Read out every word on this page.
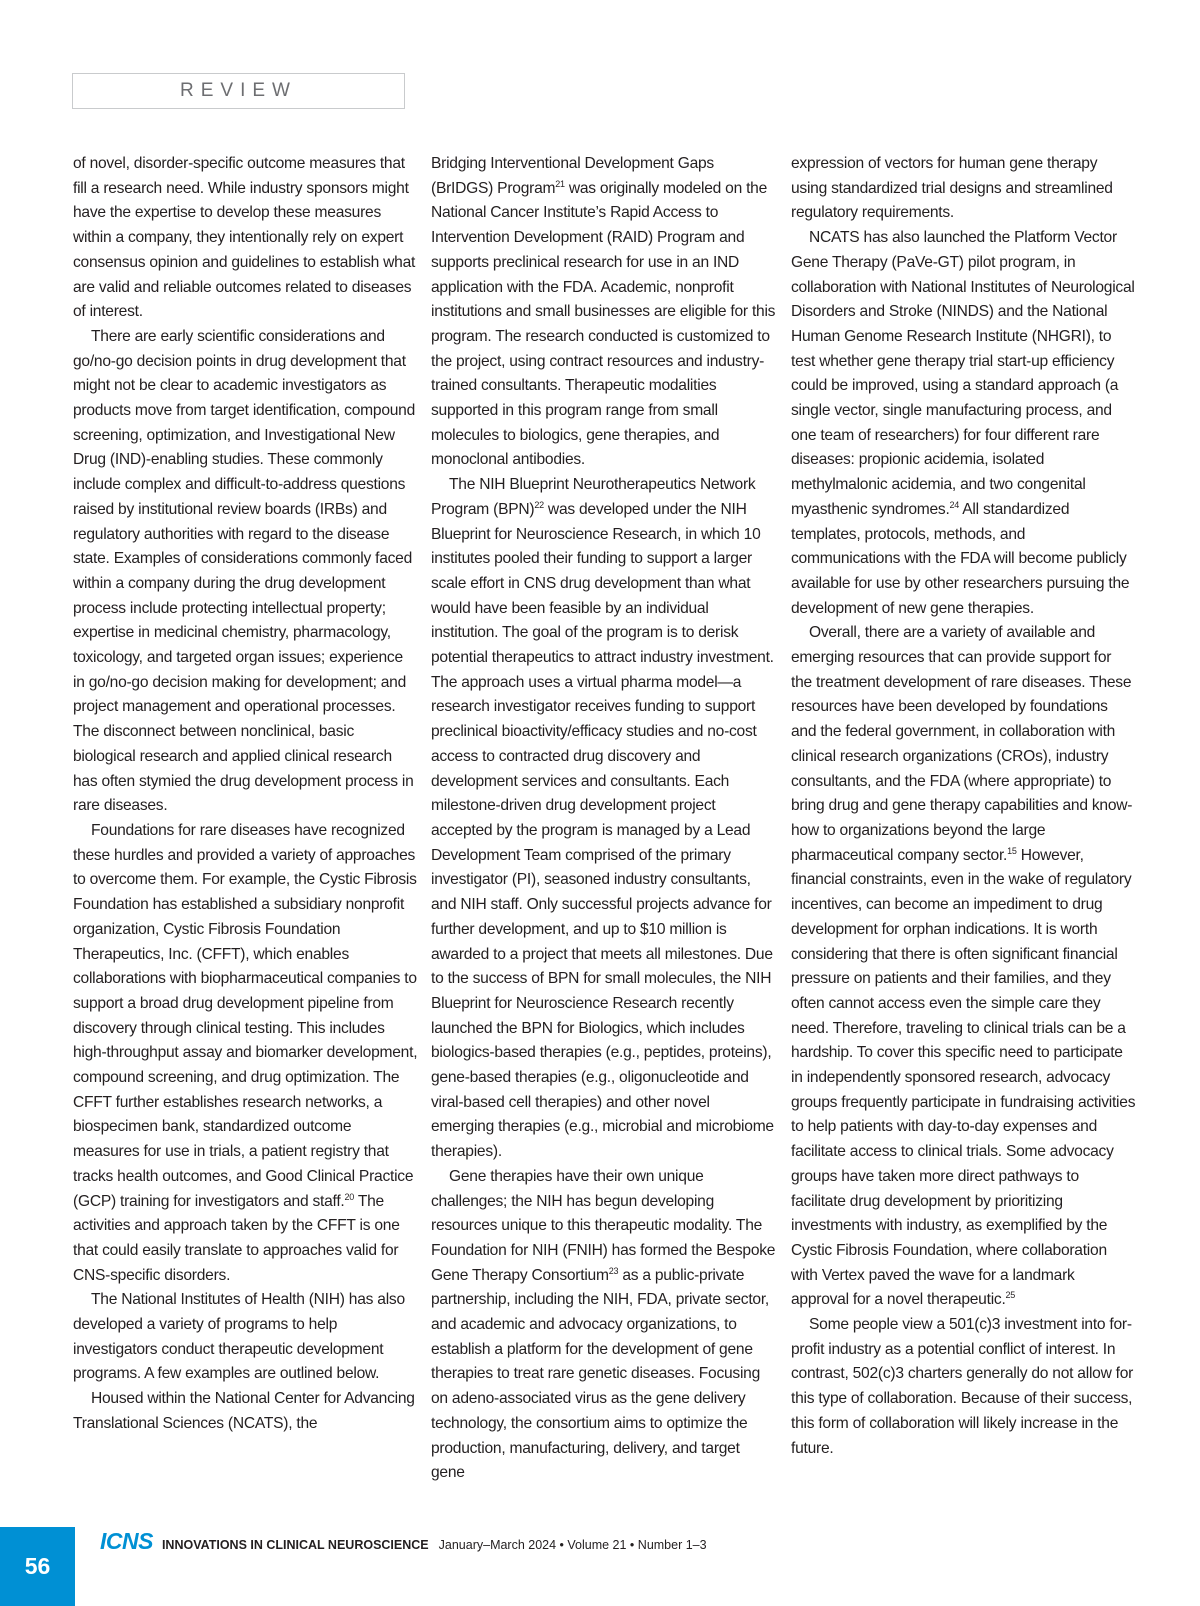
REVIEW

of novel, disorder-specific outcome measures that fill a research need. While industry sponsors might have the expertise to develop these measures within a company, they intentionally rely on expert consensus opinion and guidelines to establish what are valid and reliable outcomes related to diseases of interest.

There are early scientific considerations and go/no-go decision points in drug development that might not be clear to academic investigators as products move from target identification, compound screening, optimization, and Investigational New Drug (IND)-enabling studies. These commonly include complex and difficult-to-address questions raised by institutional review boards (IRBs) and regulatory authorities with regard to the disease state. Examples of considerations commonly faced within a company during the drug development process include protecting intellectual property; expertise in medicinal chemistry, pharmacology, toxicology, and targeted organ issues; experience in go/no-go decision making for development; and project management and operational processes. The disconnect between nonclinical, basic biological research and applied clinical research has often stymied the drug development process in rare diseases.

Foundations for rare diseases have recognized these hurdles and provided a variety of approaches to overcome them. For example, the Cystic Fibrosis Foundation has established a subsidiary nonprofit organization, Cystic Fibrosis Foundation Therapeutics, Inc. (CFFT), which enables collaborations with biopharmaceutical companies to support a broad drug development pipeline from discovery through clinical testing. This includes high-throughput assay and biomarker development, compound screening, and drug optimization. The CFFT further establishes research networks, a biospecimen bank, standardized outcome measures for use in trials, a patient registry that tracks health outcomes, and Good Clinical Practice (GCP) training for investigators and staff.$^{20}$ The activities and approach taken by the CFFT is one that could easily translate to approaches valid for CNS-specific disorders.

The National Institutes of Health (NIH) has also developed a variety of programs to help investigators conduct therapeutic development programs. A few examples are outlined below.

Housed within the National Center for Advancing Translational Sciences (NCATS), the

Bridging Interventional Development Gaps (BrIDGS) Program$^{21}$ was originally modeled on the National Cancer Institute’s Rapid Access to Intervention Development (RAID) Program and supports preclinical research for use in an IND application with the FDA. Academic, nonprofit institutions and small businesses are eligible for this program. The research conducted is customized to the project, using contract resources and industry-trained consultants. Therapeutic modalities supported in this program range from small molecules to biologics, gene therapies, and monoclonal antibodies.

The NIH Blueprint Neurotherapeutics Network Program (BPN)$^{22}$ was developed under the NIH Blueprint for Neuroscience Research, in which 10 institutes pooled their funding to support a larger scale effort in CNS drug development than what would have been feasible by an individual institution. The goal of the program is to derisk potential therapeutics to attract industry investment. The approach uses a virtual pharma model—a research investigator receives funding to support preclinical bioactivity/efficacy studies and no-cost access to contracted drug discovery and development services and consultants. Each milestone-driven drug development project accepted by the program is managed by a Lead Development Team comprised of the primary investigator (PI), seasoned industry consultants, and NIH staff. Only successful projects advance for further development, and up to $10 million is awarded to a project that meets all milestones. Due to the success of BPN for small molecules, the NIH Blueprint for Neuroscience Research recently launched the BPN for Biologics, which includes biologics-based therapies (e.g., peptides, proteins), gene-based therapies (e.g., oligonucleotide and viral-based cell therapies) and other novel emerging therapies (e.g., microbial and microbiome therapies).

Gene therapies have their own unique challenges; the NIH has begun developing resources unique to this therapeutic modality. The Foundation for NIH (FNIH) has formed the Bespoke Gene Therapy Consortium$^{23}$ as a public-private partnership, including the NIH, FDA, private sector, and academic and advocacy organizations, to establish a platform for the development of gene therapies to treat rare genetic diseases. Focusing on adeno-associated virus as the gene delivery technology, the consortium aims to optimize the production, manufacturing, delivery, and target gene

expression of vectors for human gene therapy using standardized trial designs and streamlined regulatory requirements.

NCATS has also launched the Platform Vector Gene Therapy (PaVe-GT) pilot program, in collaboration with National Institutes of Neurological Disorders and Stroke (NINDS) and the National Human Genome Research Institute (NHGRI), to test whether gene therapy trial start-up efficiency could be improved, using a standard approach (a single vector, single manufacturing process, and one team of researchers) for four different rare diseases: propionic acidemia, isolated methylmalonic acidemia, and two congenital myasthenic syndromes.$^{24}$ All standardized templates, protocols, methods, and communications with the FDA will become publicly available for use by other researchers pursuing the development of new gene therapies.

Overall, there are a variety of available and emerging resources that can provide support for the treatment development of rare diseases. These resources have been developed by foundations and the federal government, in collaboration with clinical research organizations (CROs), industry consultants, and the FDA (where appropriate) to bring drug and gene therapy capabilities and know-how to organizations beyond the large pharmaceutical company sector.$^{15}$ However, financial constraints, even in the wake of regulatory incentives, can become an impediment to drug development for orphan indications. It is worth considering that there is often significant financial pressure on patients and their families, and they often cannot access even the simple care they need. Therefore, traveling to clinical trials can be a hardship. To cover this specific need to participate in independently sponsored research, advocacy groups frequently participate in fundraising activities to help patients with day-to-day expenses and facilitate access to clinical trials. Some advocacy groups have taken more direct pathways to facilitate drug development by prioritizing investments with industry, as exemplified by the Cystic Fibrosis Foundation, where collaboration with Vertex paved the wave for a landmark approval for a novel therapeutic.$^{25}$

Some people view a 501(c)3 investment into for-profit industry as a potential conflict of interest. In contrast, 502(c)3 charters generally do not allow for this type of collaboration. Because of their success, this form of collaboration will likely increase in the future.

56
ICNS INNOVATIONS IN CLINICAL NEUROSCIENCE January–March 2024 • Volume 21 • Number 1–3
